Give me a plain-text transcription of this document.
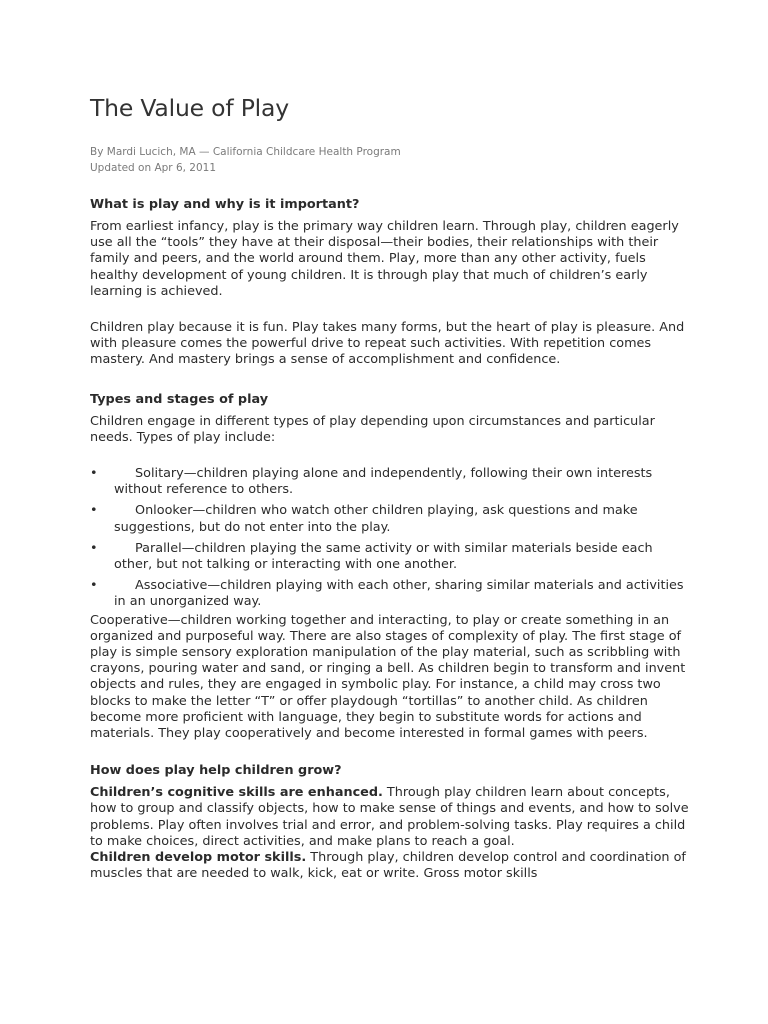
The Value of Play
By Mardi Lucich, MA — California Childcare Health Program
Updated on Apr 6, 2011
What is play and why is it important?

From earliest infancy, play is the primary way children learn. Through play, children eagerly use all the “tools” they have at their disposal—their bodies, their relationships with their family and peers, and the world around them. Play, more than any other activity, fuels healthy development of young children. It is through play that much of children’s early learning is achieved.

Children play because it is fun. Play takes many forms, but the heart of play is pleasure. And with pleasure comes the powerful drive to repeat such activities. With repetition comes mastery. And mastery brings a sense of accomplishment and confidence.

Types and stages of play

Children engage in different types of play depending upon circumstances and particular needs. Types of play include:

•	Solitary—children playing alone and independently, following their own interests without reference to others.
•	Onlooker—children who watch other children playing, ask questions and make suggestions, but do not enter into the play.
•	Parallel—children playing the same activity or with similar materials beside each other, but not talking or interacting with one another.
•	Associative—children playing with each other, sharing similar materials and activities in an unorganized way.

Cooperative—children working together and interacting, to play or create something in an organized and purposeful way. There are also stages of complexity of play. The first stage of play is simple sensory exploration manipulation of the play material, such as scribbling with crayons, pouring water and sand, or ringing a bell. As children begin to transform and invent objects and rules, they are engaged in symbolic play. For instance, a child may cross two blocks to make the letter “T” or offer playdough “tortillas” to another child. As children become more proficient with language, they begin to substitute words for actions and materials. They play cooperatively and become interested in formal games with peers.

How does play help children grow?

Children’s cognitive skills are enhanced. Through play children learn about concepts, how to group and classify objects, how to make sense of things and events, and how to solve problems. Play often involves trial and error, and problem-solving tasks. Play requires a child to make choices, direct activities, and make plans to reach a goal.

Children develop motor skills. Through play, children develop control and coordination of muscles that are needed to walk, kick, eat or write. Gross motor skills
